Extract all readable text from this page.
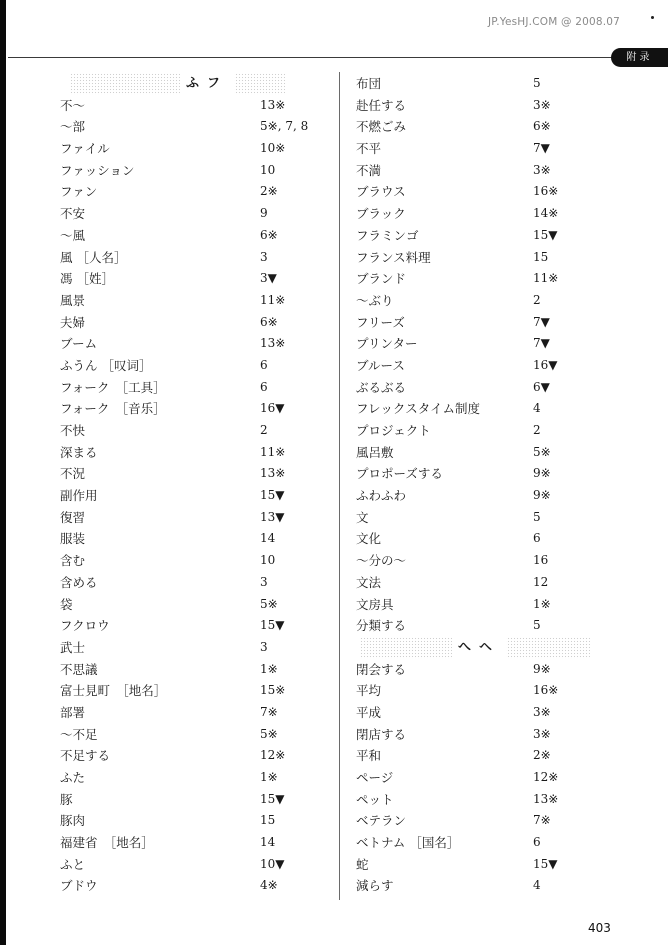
JP.YesHJ.COM @ 2008.07
附录
ふフ
不～	13※
～部	5※, 7, 8
ファイル	10※
ファッション	10
ファン	2※
不安	9
～風	6※
風 ［人名］	3
馮 ［姓］	3▼
風景	11※
夫婦	6※
ブーム	13※
ふうん ［叹词］	6
フォーク　［工具］	6
フォーク　［音乐］	16▼
不快	2
深まる	11※
不況	13※
副作用	15▼
復習	13▼
服装	14
含む	10
含める	3
袋	5※
フクロウ	15▼
武士	3
不思議	1※
富士見町　［地名］	15※
部署	7※
～不足	5※
不足する	12※
ふた	1※
豚	15▼
豚肉	15
福建省　［地名］	14
ふと	10▼
ブドウ	4※
布団	5
赴任する	3※
不燃ごみ	6※
不平	7▼
不満	3※
ブラウス	16※
ブラック	14※
フラミンゴ	15▼
フランス料理	15
ブランド	11※
～ぶり	2
フリーズ	7▼
プリンター	7▼
ブルース	16▼
ぶるぶる	6▼
フレックスタイム制度	4
プロジェクト	2
風呂敷	5※
プロポーズする	9※
ふわふわ	9※
文	5
文化	6
～分の～	16
文法	12
文房具	1※
分類する	5
へヘ
閉会する	9※
平均	16※
平成	3※
閉店する	3※
平和	2※
ページ	12※
ペット	13※
ベテラン	7※
ベトナム ［国名］	6
蛇	15▼
減らす	4
403
